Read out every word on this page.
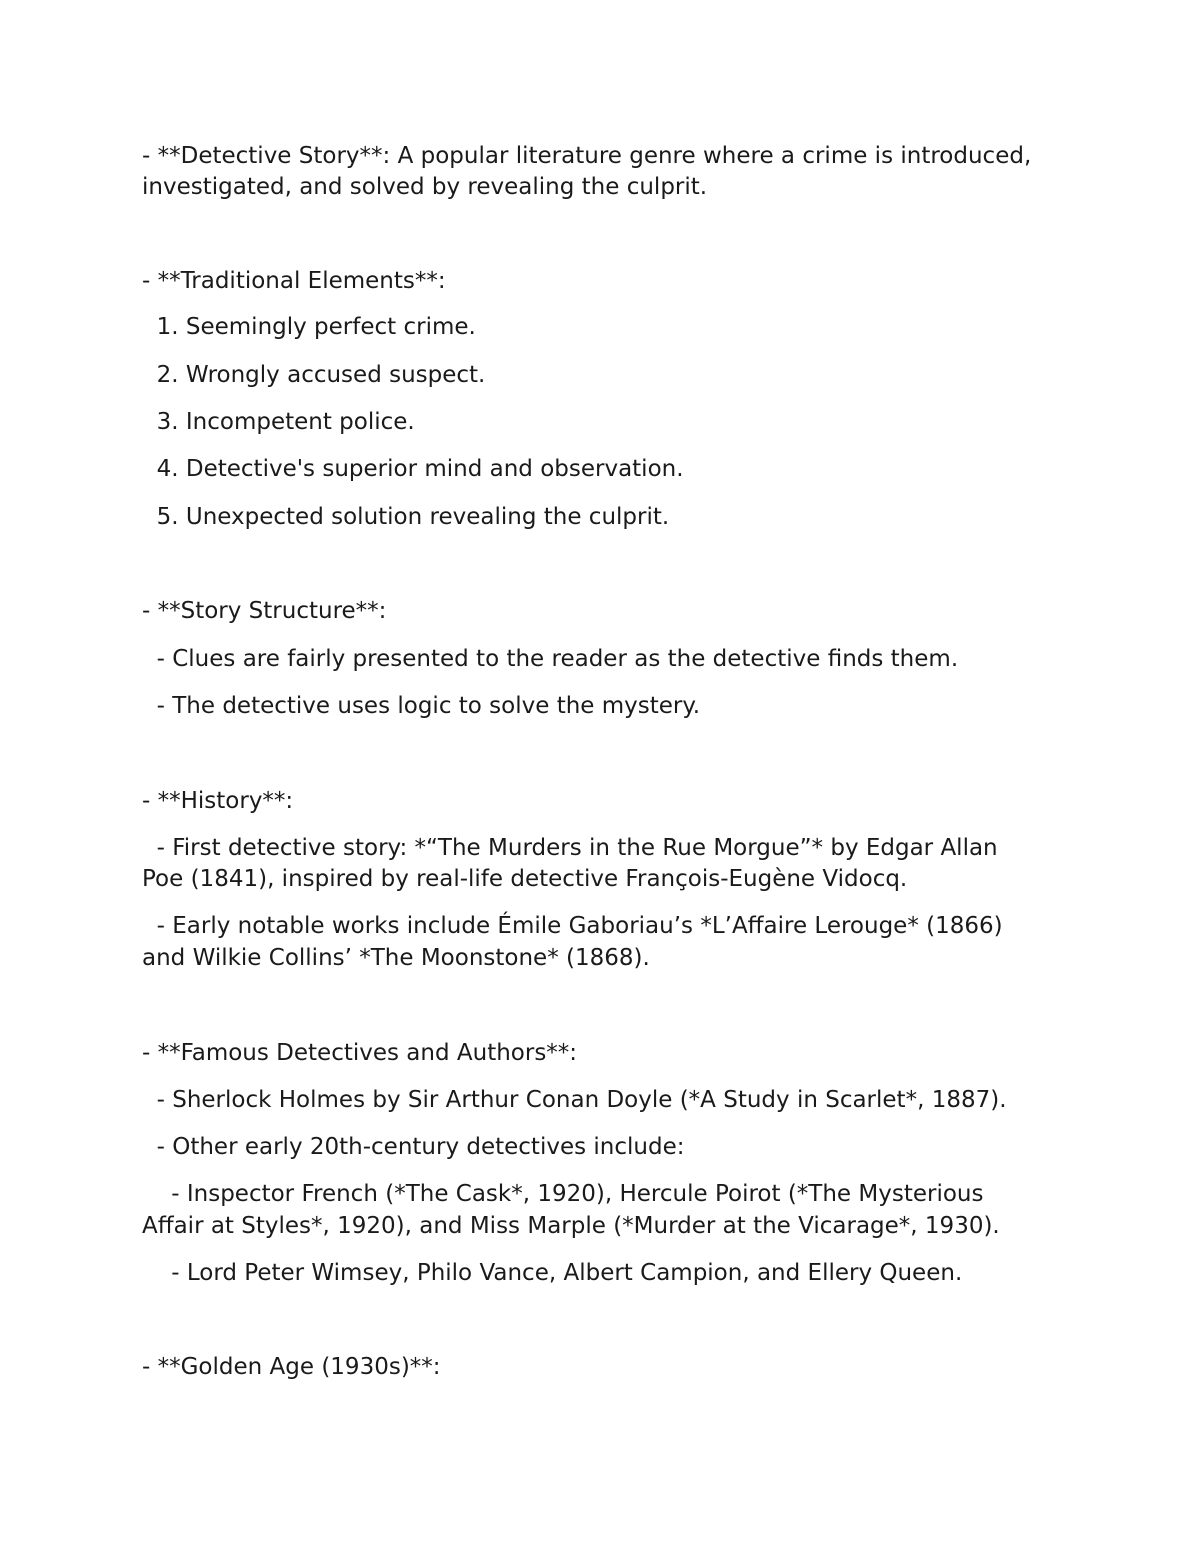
- **Detective Story**: A popular literature genre where a crime is introduced,
investigated, and solved by revealing the culprit.
- **Traditional Elements**:
1. Seemingly perfect crime.
2. Wrongly accused suspect.
3. Incompetent police.
4. Detective's superior mind and observation.
5. Unexpected solution revealing the culprit.
- **Story Structure**:
- Clues are fairly presented to the reader as the detective finds them.
- The detective uses logic to solve the mystery.
- **History**:
- First detective story: *“The Murders in the Rue Morgue”* by Edgar Allan
Poe (1841), inspired by real-life detective François-Eugène Vidocq.
- Early notable works include Émile Gaboriau’s *L’Affaire Lerouge* (1866)
and Wilkie Collins’ *The Moonstone* (1868).
- **Famous Detectives and Authors**:
- Sherlock Holmes by Sir Arthur Conan Doyle (*A Study in Scarlet*, 1887).
- Other early 20th-century detectives include:
- Inspector French (*The Cask*, 1920), Hercule Poirot (*The Mysterious
Affair at Styles*, 1920), and Miss Marple (*Murder at the Vicarage*, 1930).
- Lord Peter Wimsey, Philo Vance, Albert Campion, and Ellery Queen.
- **Golden Age (1930s)**:
